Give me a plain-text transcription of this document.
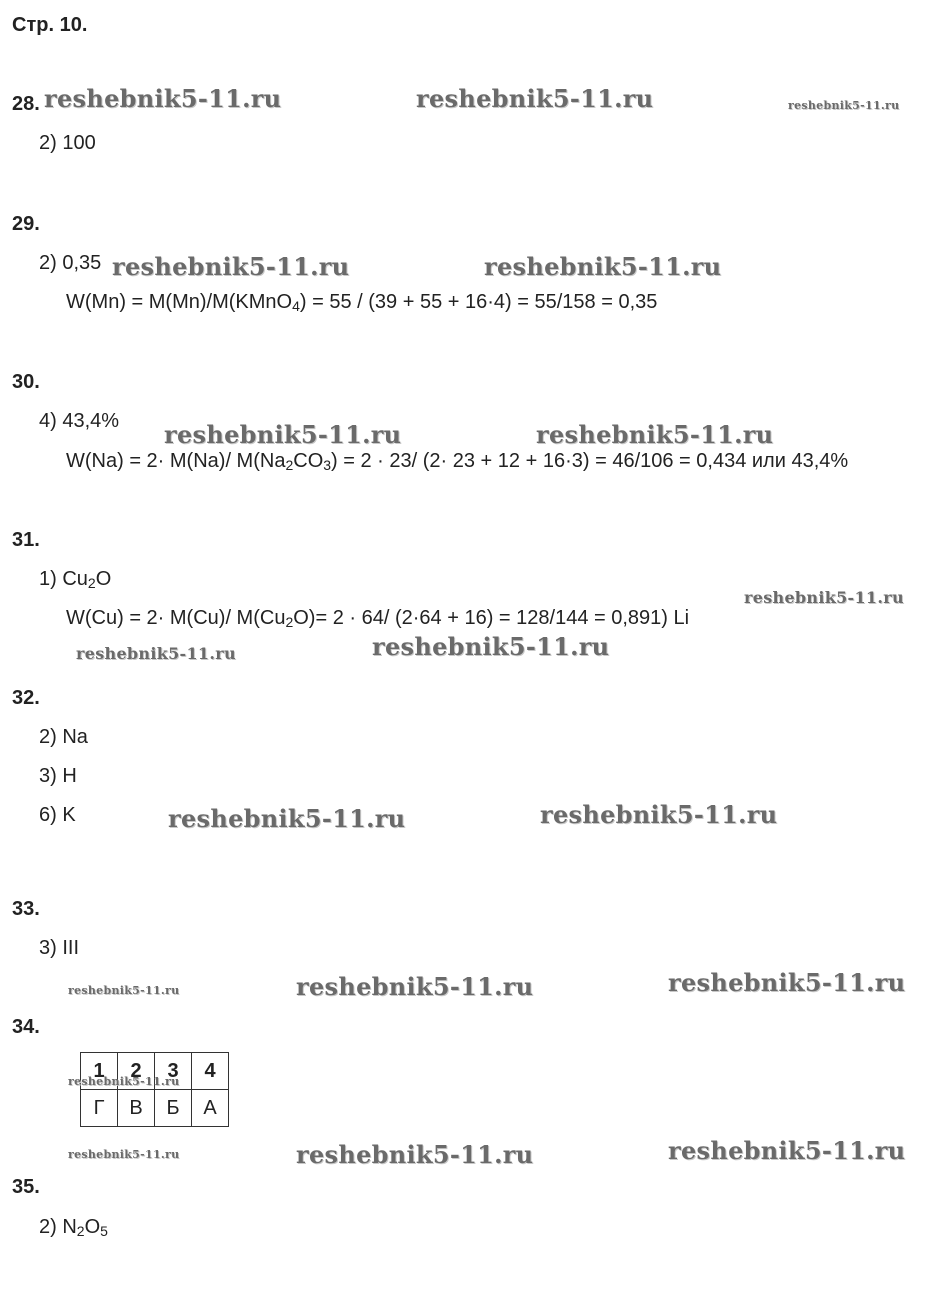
Стр. 10.
28.
2) 100
29.
2) 0,35
W(Mn) = M(Mn)/M(KMnO4) = 55 / (39 + 55 + 16·4) = 55/158 = 0,35
30.
4) 43,4%
W(Na) = 2· M(Na)/ M(Na2CO3) = 2 · 23/ (2· 23 + 12 + 16·3) = 46/106 = 0,434 или 43,4%
31.
1) Cu2O
W(Cu) = 2· M(Cu)/ M(Cu2O)= 2 · 64/ (2·64 + 16) = 128/144 = 0,891) Li
32.
2) Na
3) H
6) K
33.
3) III
34.
1	2	3	4
Г	В	Б	А
35.
2) N2O5
reshebnik5-11.ru	reshebnik5-11.ru	reshebnik5-11.ru
reshebnik5-11.ru	reshebnik5-11.ru
reshebnik5-11.ru	reshebnik5-11.ru
reshebnik5-11.ru
reshebnik5-11.ru	reshebnik5-11.ru
reshebnik5-11.ru	reshebnik5-11.ru
reshebnik5-11.ru	reshebnik5-11.ru	reshebnik5-11.ru
reshebnik5-11.ru
reshebnik5-11.ru	reshebnik5-11.ru	reshebnik5-11.ru
